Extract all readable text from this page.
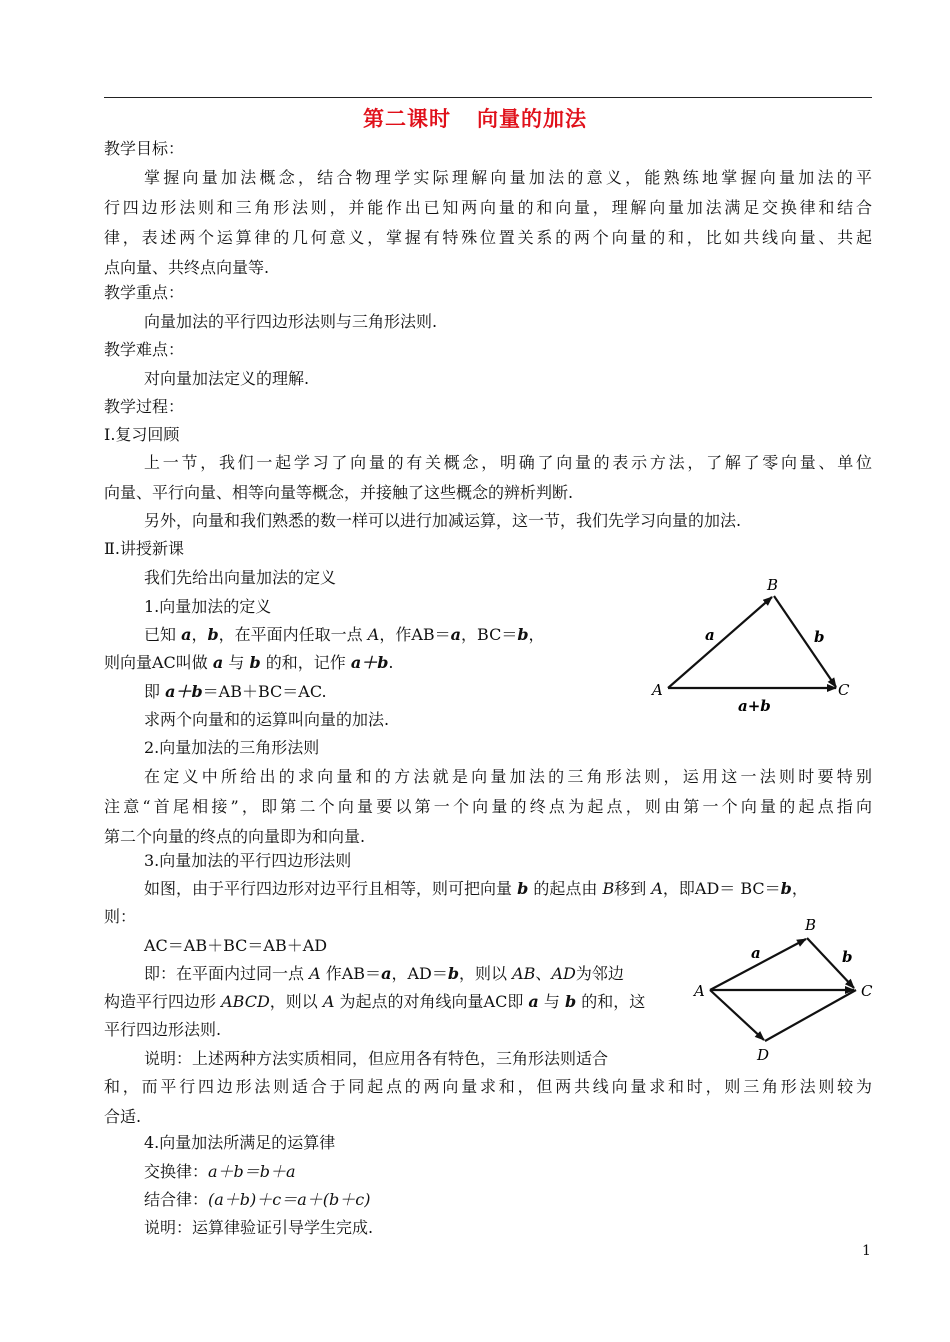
第二课时 向量的加法
教学目标：
掌握向量加法概念，结合物理学实际理解向量加法的意义，能熟练地掌握向量加法的平
行四边形法则和三角形法则，并能作出已知两向量的和向量，理解向量加法满足交换律和结合
律，表述两个运算律的几何意义，掌握有特殊位置关系的两个向量的和，比如共线向量、共起
点向量、共终点向量等.
教学重点：
向量加法的平行四边形法则与三角形法则.
教学难点：
对向量加法定义的理解.
教学过程：
Ⅰ.复习回顾
上一节，我们一起学习了向量的有关概念，明确了向量的表示方法，了解了零向量、单位
向量、平行向量、相等向量等概念，并接触了这些概念的辨析判断.
另外，向量和我们熟悉的数一样可以进行加减运算，这一节，我们先学习向量的加法.
Ⅱ.讲授新课
我们先给出向量加法的定义
1.向量加法的定义
已知 a，b，在平面内任取一点 A，作AB＝a，BC＝b，
则向量AC叫做 a 与 b 的和，记作 a＋b.
即 a＋b＝AB＋BC＝AC.
求两个向量和的运算叫向量的加法.
B
A	C
a	b
a+b
2.向量加法的三角形法则
在定义中所给出的求向量和的方法就是向量加法的三角形法则，运用这一法则时要特别
注意“首尾相接”，即第二个向量要以第一个向量的终点为起点，则由第一个向量的起点指向
第二个向量的终点的向量即为和向量.
3.向量加法的平行四边形法则
如图，由于平行四边形对边平行且相等，则可把向量 b 的起点由 B移到 A，即AD＝ BC＝b，
则：
AC＝AB＋BC＝AB＋AD
即：在平面内过同一点 A 作AB＝a，AD＝b，则以 AB、AD为邻边
构造平行四边形 ABCD，则以 A 为起点的对角线向量AC即 a 与 b 的和，这
平行四边形法则.
说明：上述两种方法实质相同，但应用各有特色，三角形法则适合
和，而平行四边形法则适合于同起点的两向量求和，但两共线向量求和时，则三角形法则较为
合适.
A
B
C
D
a	b
4.向量加法所满足的运算律
交换律：a＋b＝b＋a
结合律：(a＋b)＋c＝a＋(b＋c)
说明：运算律验证引导学生完成.
1
